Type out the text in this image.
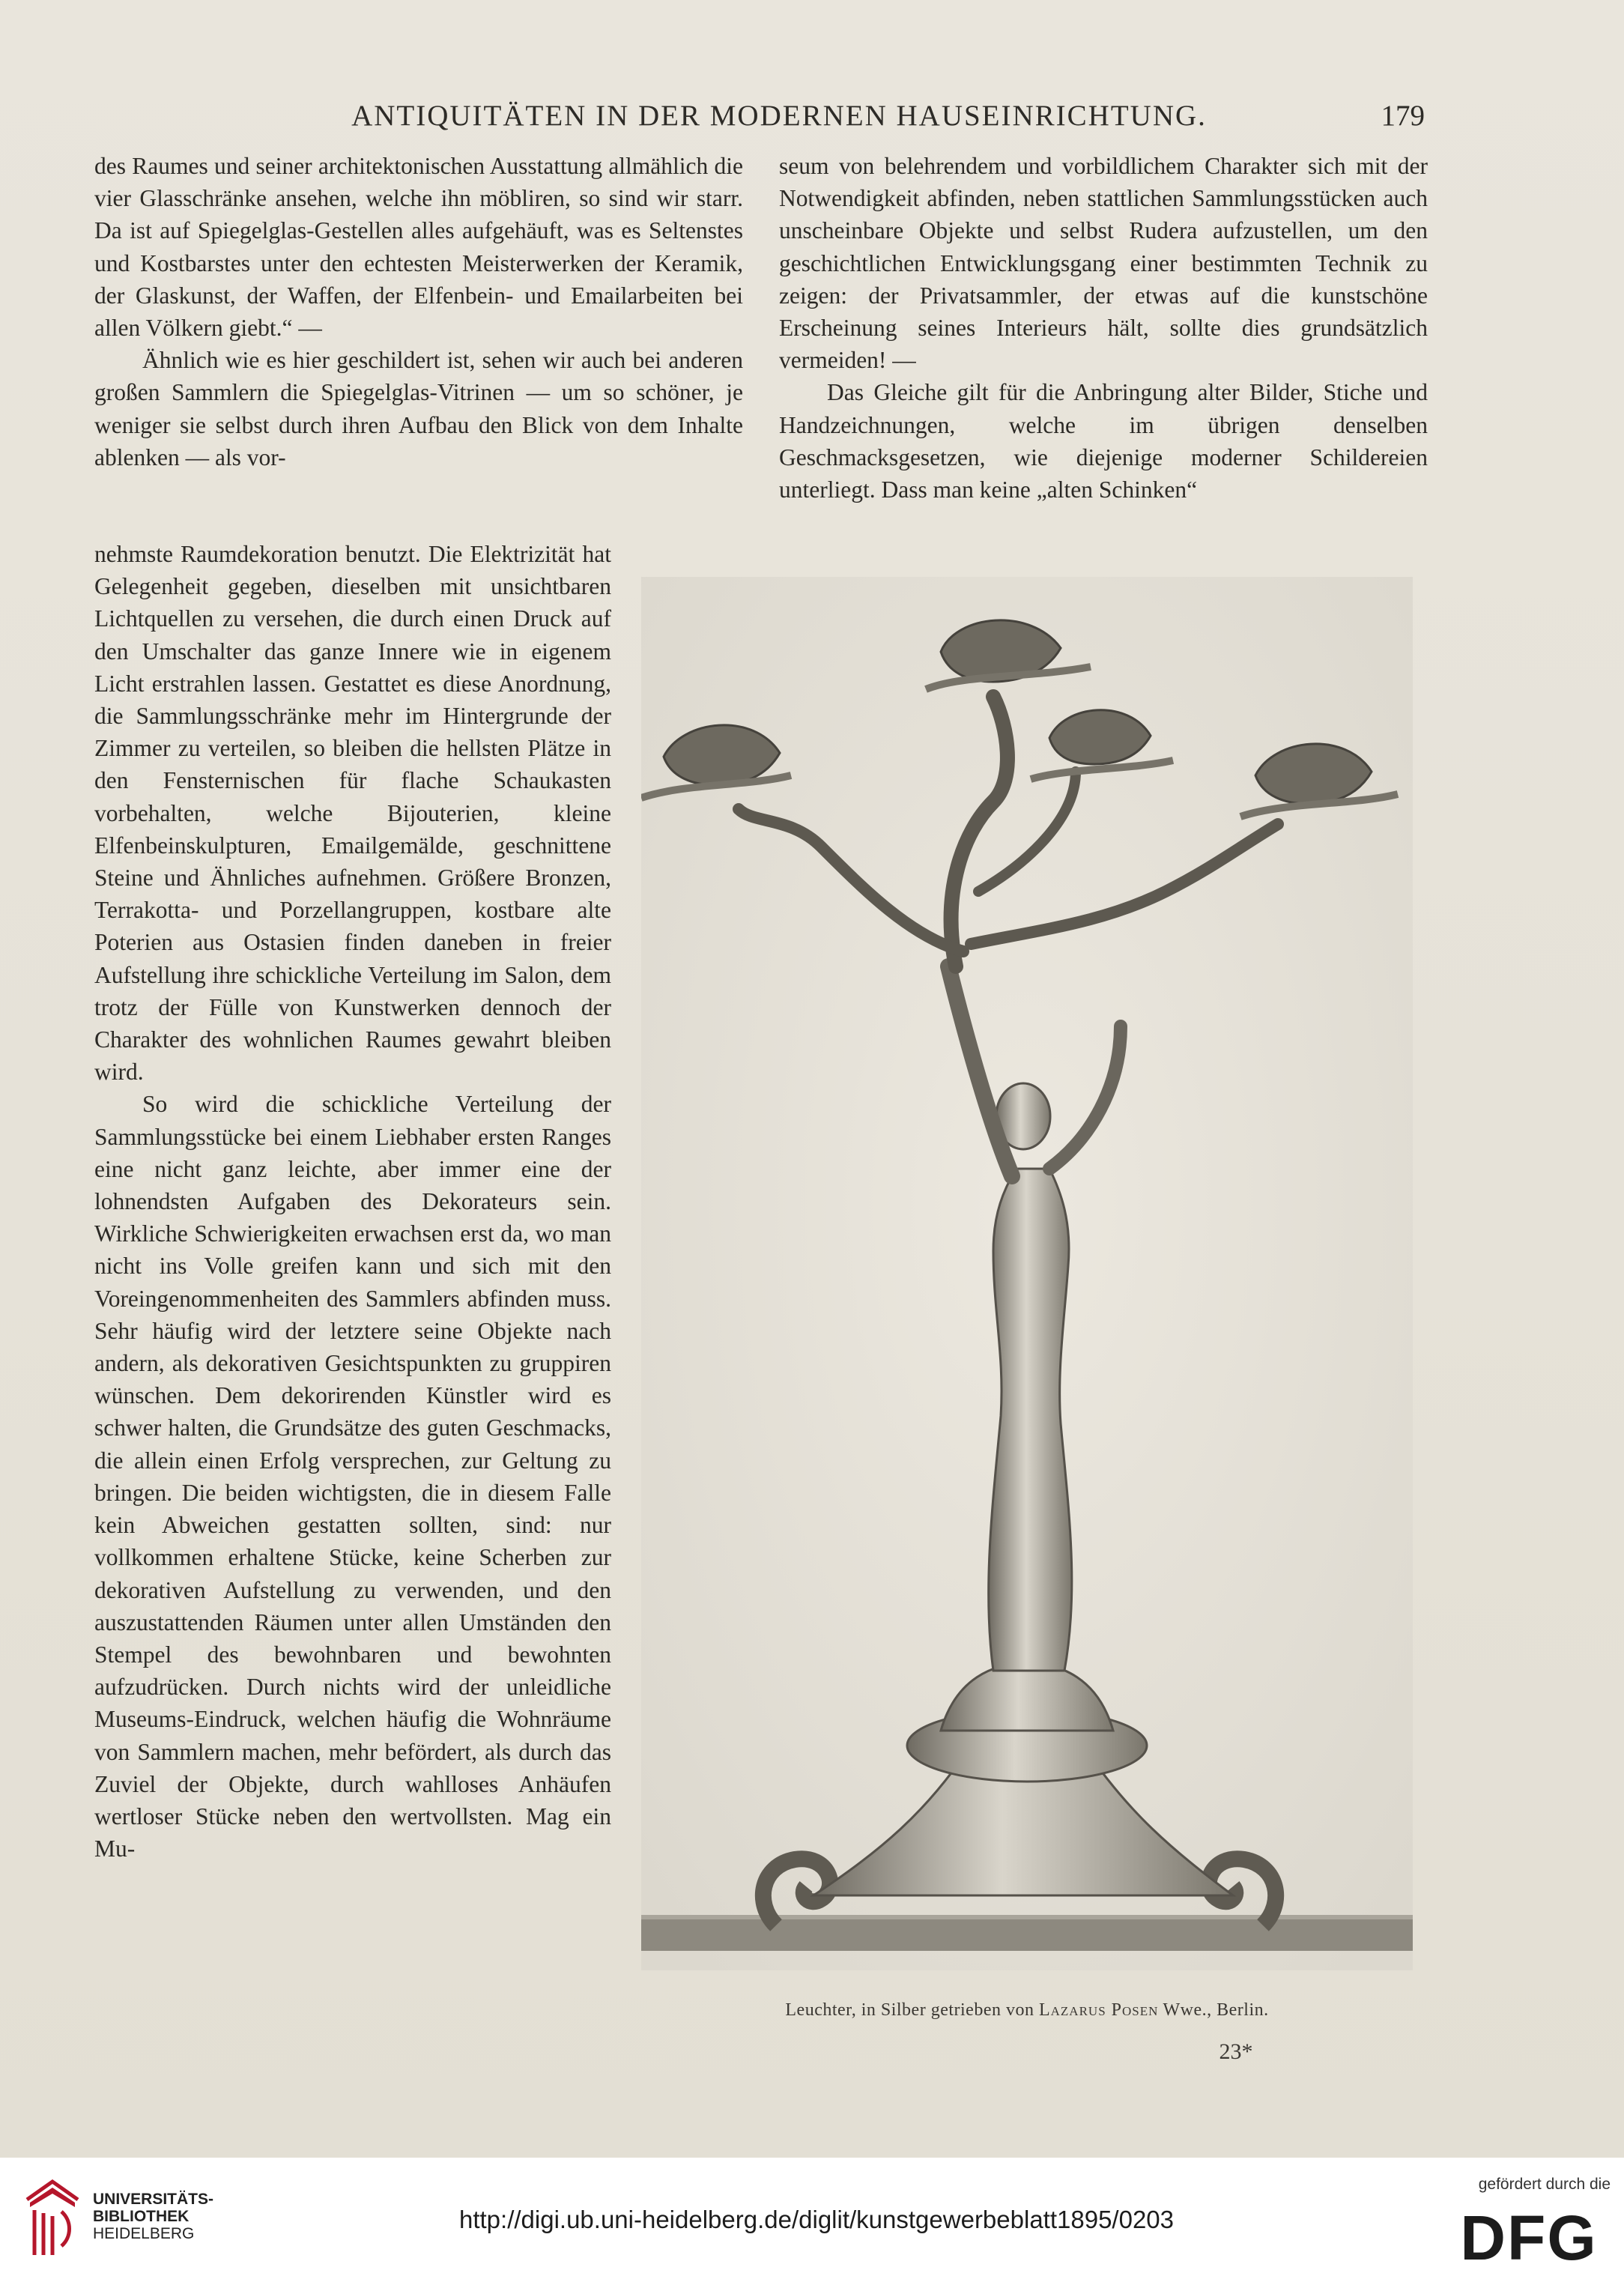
ANTIQUITÄTEN IN DER MODERNEN HAUSEINRICHTUNG.	179

des Raumes und seiner architektonischen Ausstattung allmählich die vier Glasschränke ansehen, welche ihn möbliren, so sind wir starr. Da ist auf Spiegelglas-Gestellen alles aufgehäuft, was es Seltenstes und Kostbarstes unter den echtesten Meisterwerken der Keramik, der Glaskunst, der Waffen, der Elfenbein- und Emailarbeiten bei allen Völkern giebt.“ —

Ähnlich wie es hier geschildert ist, sehen wir auch bei anderen großen Sammlern die Spiegelglas-Vitrinen — um so schöner, je weniger sie selbst durch ihren Aufbau den Blick von dem Inhalte ablenken — als vor-

seum von belehrendem und vorbildlichem Charakter sich mit der Notwendigkeit abfinden, neben stattlichen Sammlungsstücken auch unscheinbare Objekte und selbst Rudera aufzustellen, um den geschichtlichen Entwicklungsgang einer bestimmten Technik zu zeigen: der Privatsammler, der etwas auf die kunstschöne Erscheinung seines Interieurs hält, sollte dies grundsätzlich vermeiden! —

Das Gleiche gilt für die Anbringung alter Bilder, Stiche und Handzeichnungen, welche im übrigen denselben Geschmacksgesetzen, wie diejenige moderner Schildereien unterliegt. Dass man keine „alten Schinken“

nehmste Raumdekoration benutzt. Die Elektrizität hat Gelegenheit gegeben, dieselben mit unsichtbaren Lichtquellen zu versehen, die durch einen Druck auf den Umschalter das ganze Innere wie in eigenem Licht erstrahlen lassen. Gestattet es diese Anordnung, die Sammlungsschränke mehr im Hintergrunde der Zimmer zu verteilen, so bleiben die hellsten Plätze in den Fensternischen für flache Schaukasten vorbehalten, welche Bijouterien, kleine Elfenbeinskulpturen, Emailgemälde, geschnittene Steine und Ähnliches aufnehmen. Größere Bronzen, Terrakotta- und Porzellangruppen, kostbare alte Poterien aus Ostasien finden daneben in freier Aufstellung ihre schickliche Verteilung im Salon, dem trotz der Fülle von Kunstwerken dennoch der Charakter des wohnlichen Raumes gewahrt bleiben wird.

So wird die schickliche Verteilung der Sammlungsstücke bei einem Liebhaber ersten Ranges eine nicht ganz leichte, aber immer eine der lohnendsten Aufgaben des Dekorateurs sein. Wirkliche Schwierigkeiten erwachsen erst da, wo man nicht ins Volle greifen kann und sich mit den Voreingenommenheiten des Sammlers abfinden muss. Sehr häufig wird der letztere seine Objekte nach andern, als dekorativen Gesichtspunkten zu gruppiren wünschen. Dem dekorirenden Künstler wird es schwer halten, die Grundsätze des guten Geschmacks, die allein einen Erfolg versprechen, zur Geltung zu bringen. Die beiden wichtigsten, die in diesem Falle kein Abweichen gestatten sollten, sind: nur vollkommen erhaltene Stücke, keine Scherben zur dekorativen Aufstellung zu verwenden, und den auszustattenden Räumen unter allen Umständen den Stempel des bewohnbaren und bewohnten aufzudrücken. Durch nichts wird der unleidliche Museums-Eindruck, welchen häufig die Wohnräume von Sammlern machen, mehr befördert, als durch das Zuviel der Objekte, durch wahlloses Anhäufen wertloser Stücke neben den wertvollsten. Mag ein Mu-

Leuchter, in Silber getrieben von Lazarus Posen Wwe., Berlin.
23*
UNIVERSITÄTS-
BIBLIOTHEK
HEIDELBERG
http://digi.ub.uni-heidelberg.de/diglit/kunstgewerbeblatt1895/0203
gefördert durch die
DFG
